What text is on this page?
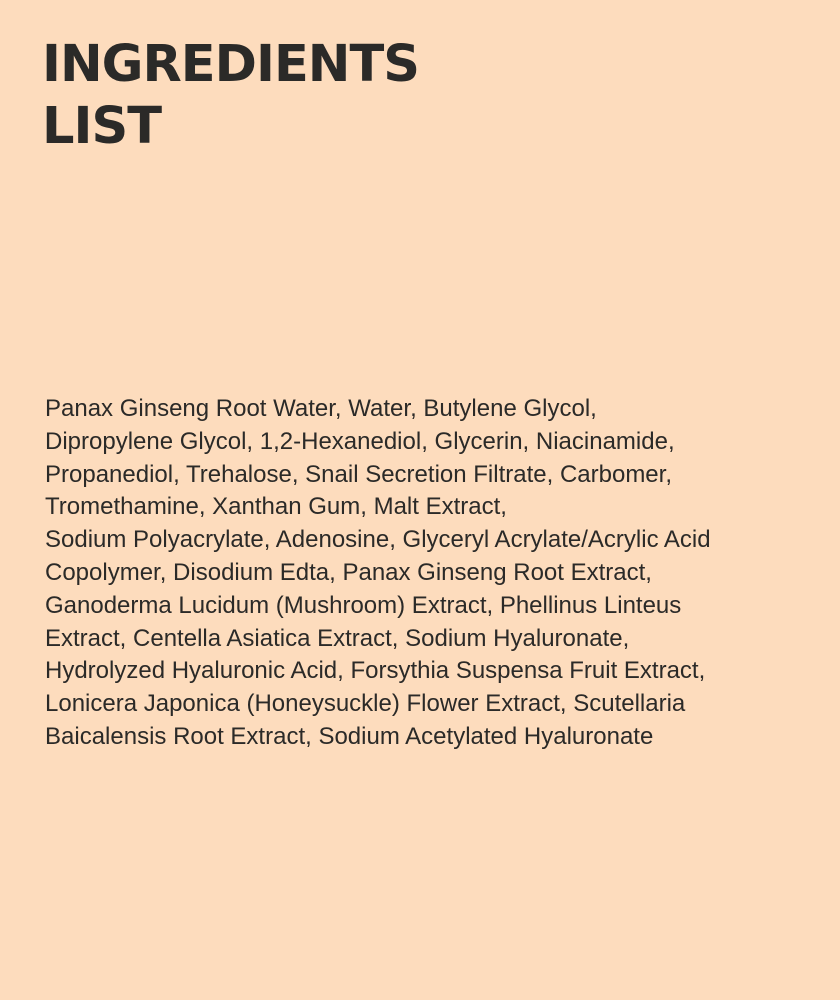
INGREDIENTS
LIST
Panax Ginseng Root Water, Water, Butylene Glycol,
Dipropylene Glycol, 1,2-Hexanediol, Glycerin, Niacinamide,
Propanediol, Trehalose, Snail Secretion Filtrate, Carbomer,
Tromethamine, Xanthan Gum, Malt Extract,
Sodium Polyacrylate, Adenosine, Glyceryl Acrylate/Acrylic Acid
Copolymer, Disodium Edta, Panax Ginseng Root Extract,
Ganoderma Lucidum (Mushroom) Extract, Phellinus Linteus
Extract, Centella Asiatica Extract, Sodium Hyaluronate,
Hydrolyzed Hyaluronic Acid, Forsythia Suspensa Fruit Extract,
Lonicera Japonica (Honeysuckle) Flower Extract, Scutellaria
Baicalensis Root Extract, Sodium Acetylated Hyaluronate
